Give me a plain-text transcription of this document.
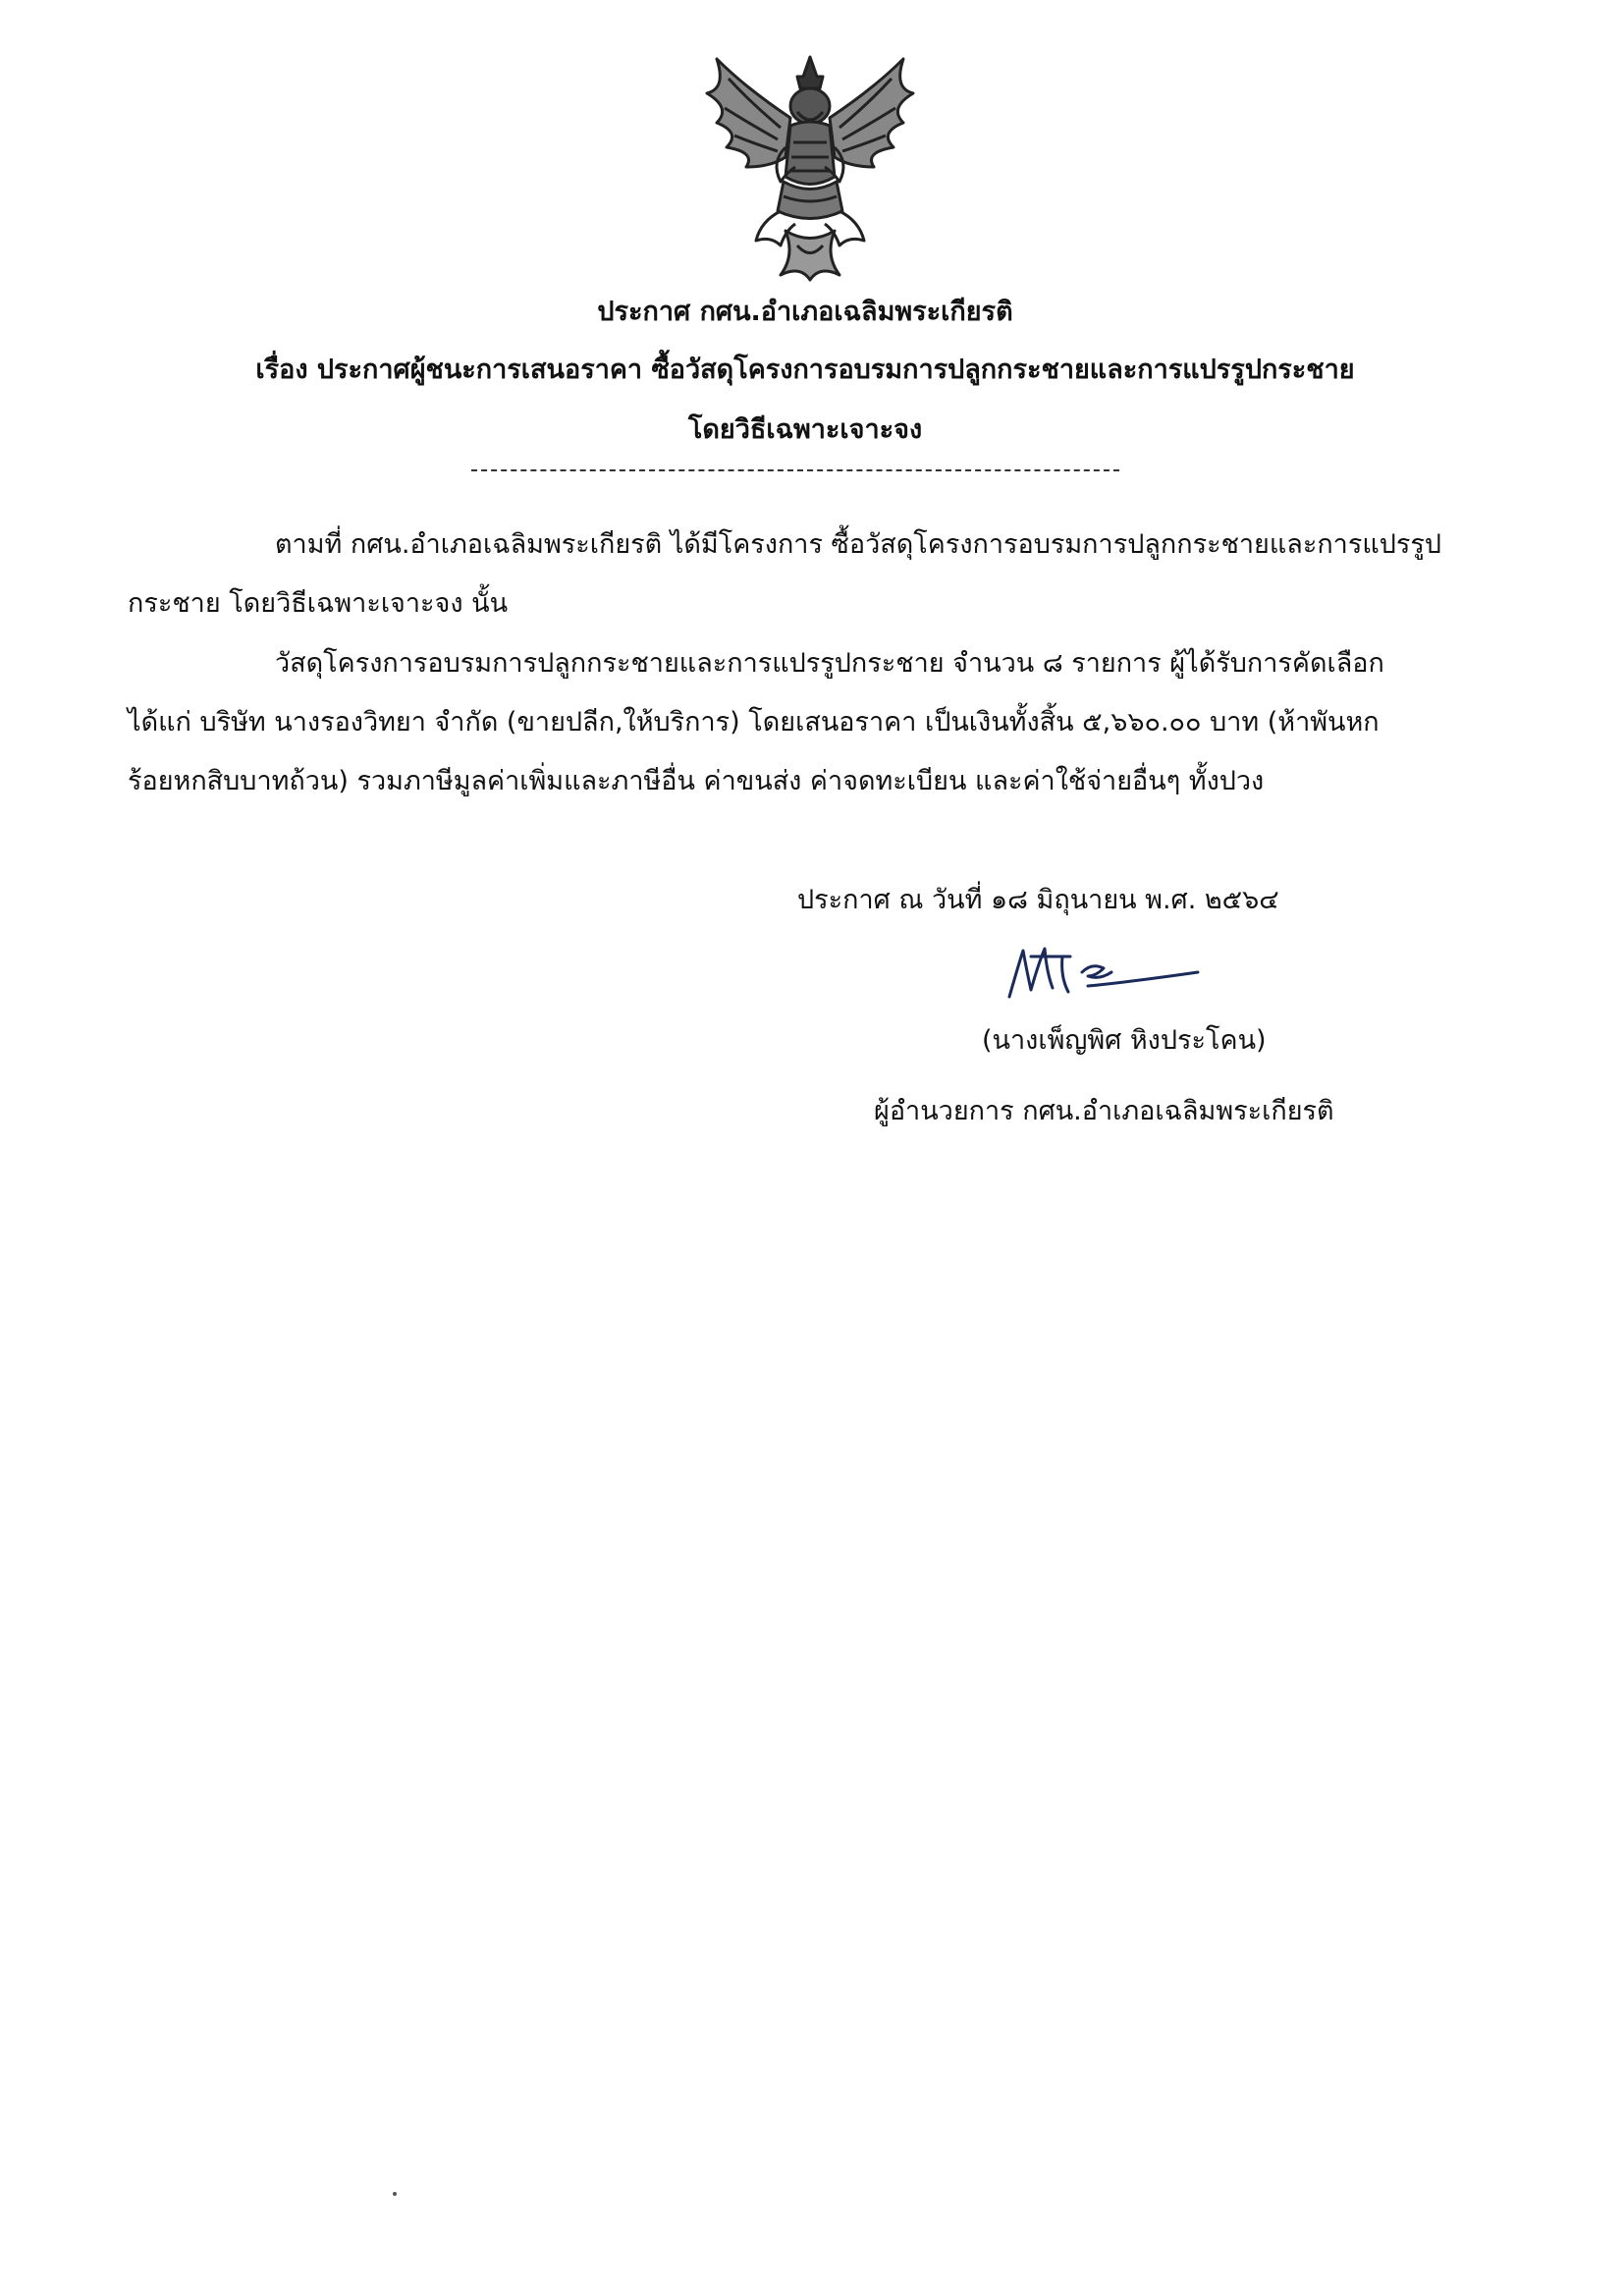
ประกาศ กศน.อำเภอเฉลิมพระเกียรติ
เรื่อง ประกาศผู้ชนะการเสนอราคา ซื้อวัสดุโครงการอบรมการปลูกกระชายและการแปรรูปกระชาย
โดยวิธีเฉพาะเจาะจง
ตามที่ กศน.อำเภอเฉลิมพระเกียรติ ได้มีโครงการ ซื้อวัสดุโครงการอบรมการปลูกกระชายและการแปรรูป
กระชาย โดยวิธีเฉพาะเจาะจง นั้น
วัสดุโครงการอบรมการปลูกกระชายและการแปรรูปกระชาย จำนวน ๘ รายการ ผู้ได้รับการคัดเลือก
ได้แก่ บริษัท นางรองวิทยา จำกัด (ขายปลีก,ให้บริการ) โดยเสนอราคา เป็นเงินทั้งสิ้น ๕,๖๖๐.๐๐ บาท (ห้าพันหก
ร้อยหกสิบบาทถ้วน) รวมภาษีมูลค่าเพิ่มและภาษีอื่น ค่าขนส่ง ค่าจดทะเบียน และค่าใช้จ่ายอื่นๆ ทั้งปวง
ประกาศ ณ วันที่ ๑๘ มิถุนายน พ.ศ. ๒๕๖๔
(นางเพ็ญพิศ หิงประโคน)
ผู้อำนวยการ กศน.อำเภอเฉลิมพระเกียรติ
